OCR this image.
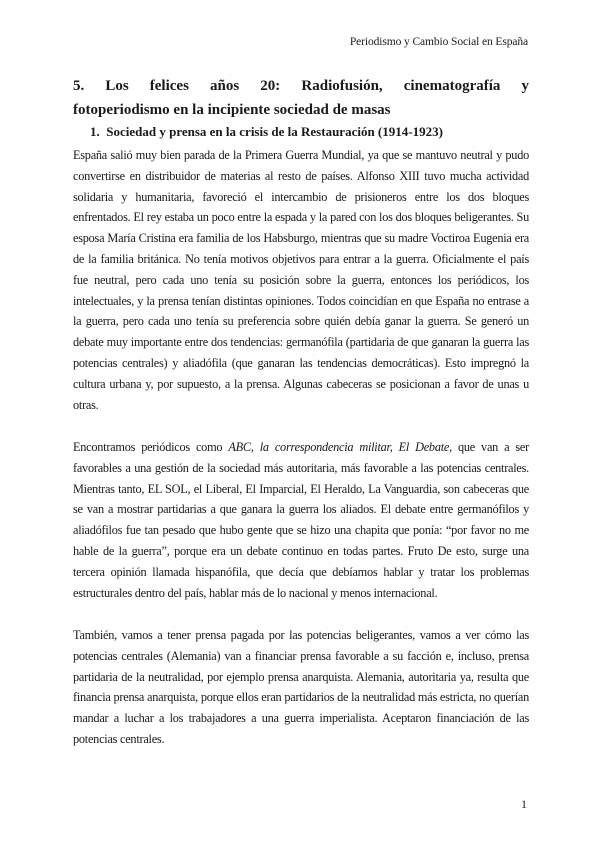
Periodismo y Cambio Social en España
5. Los felices años 20: Radiofusión, cinematografía y
fotoperiodismo en la incipiente sociedad de masas
1. Sociedad y prensa en la crisis de la Restauración (1914-1923)

España salió muy bien parada de la Primera Guerra Mundial, ya que se mantuvo neutral y pudo convertirse en distribuidor de materias al resto de países. Alfonso XIII tuvo mucha actividad solidaria y humanitaria, favoreció el intercambio de prisioneros entre los dos bloques enfrentados. El rey estaba un poco entre la espada y la pared con los dos bloques beligerantes. Su esposa María Cristina era familia de los Habsburgo, mientras que su madre Voctiroa Eugenia era de la familia británica. No tenía motivos objetivos para entrar a la guerra. Oficialmente el país fue neutral, pero cada uno tenía su posición sobre la guerra, entonces los periódicos, los intelectuales, y la prensa tenían distintas opiniones. Todos coincidían en que España no entrase a la guerra, pero cada uno tenía su preferencia sobre quién debía ganar la guerra. Se generó un debate muy importante entre dos tendencias: germanófila (partidaria de que ganaran la guerra las potencias centrales) y aliadófila (que ganaran las tendencias democráticas). Esto impregnó la cultura urbana y, por supuesto, a la prensa. Algunas cabeceras se posicionan a favor de unas u otras.

Encontramos periódicos como ABC, la correspondencia militar, El Debate, que van a ser favorables a una gestión de la sociedad más autoritaria, más favorable a las potencias centrales. Mientras tanto, EL SOL, el Liberal, El Imparcial, El Heraldo, La Vanguardia, son cabeceras que se van a mostrar partidarias a que ganara la guerra los aliados. El debate entre germanófilos y aliadófilos fue tan pesado que hubo gente que se hizo una chapita que ponía: “por favor no me hable de la guerra”, porque era un debate continuo en todas partes. Fruto De esto, surge una tercera opinión llamada hispanófila, que decía que debíamos hablar y tratar los problemas estructurales dentro del país, hablar más de lo nacional y menos internacional.

También, vamos a tener prensa pagada por las potencias beligerantes, vamos a ver cómo las potencias centrales (Alemania) van a financiar prensa favorable a su facción e, incluso, prensa partidaria de la neutralidad, por ejemplo prensa anarquista. Alemania, autoritaria ya, resulta que financia prensa anarquista, porque ellos eran partidarios de la neutralidad más estricta, no querían mandar a luchar a los trabajadores a una guerra imperialista. Aceptaron financiación de las potencias centrales.

1
